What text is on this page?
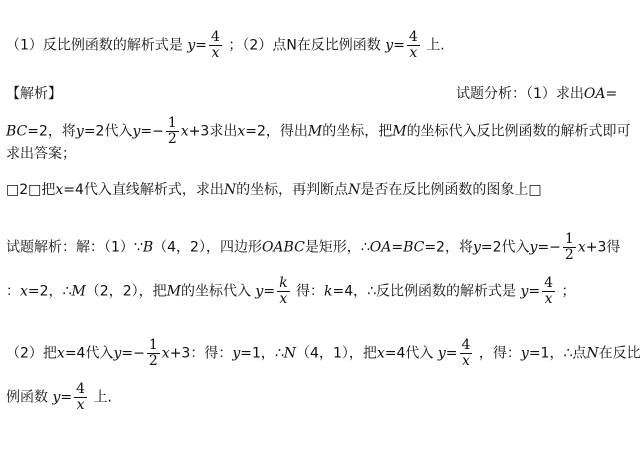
（1）反比例函数的解析式是 $y= \frac{4}{x}$ ；（2）点N在反比例函数 $y= \frac{4}{x}$ 上.
【解析】	试题分析：（1）求出OA=
BC=2，将y=2代入$y=- \frac{1}{2} x+3$求出x=2，得出M的坐标，把M的坐标代入反比例函数的解析式即可
求出答案；
□2□把x=4代入直线解析式，求出N的坐标，再判断点N是否在反比例函数的图象上□
试题解析：解：（1）∵B（4，2），四边形OABC是矩形，∴OA=BC=2，将y=2代入$y=- \frac{1}{2} x+3$得
：x=2，∴M（2，2），把M的坐标代入 $y= \frac{k}{x}$ 得：k=4，∴反比例函数的解析式是 $y= \frac{4}{x}$ ；
（2）把x=4代入$y=- \frac{1}{2} x+3$：得：y=1，∴N（4，1），把x=4代入 $y= \frac{4}{x}$ ，得：y=1，∴点N在反比
例函数 $y= \frac{4}{x}$ 上.
